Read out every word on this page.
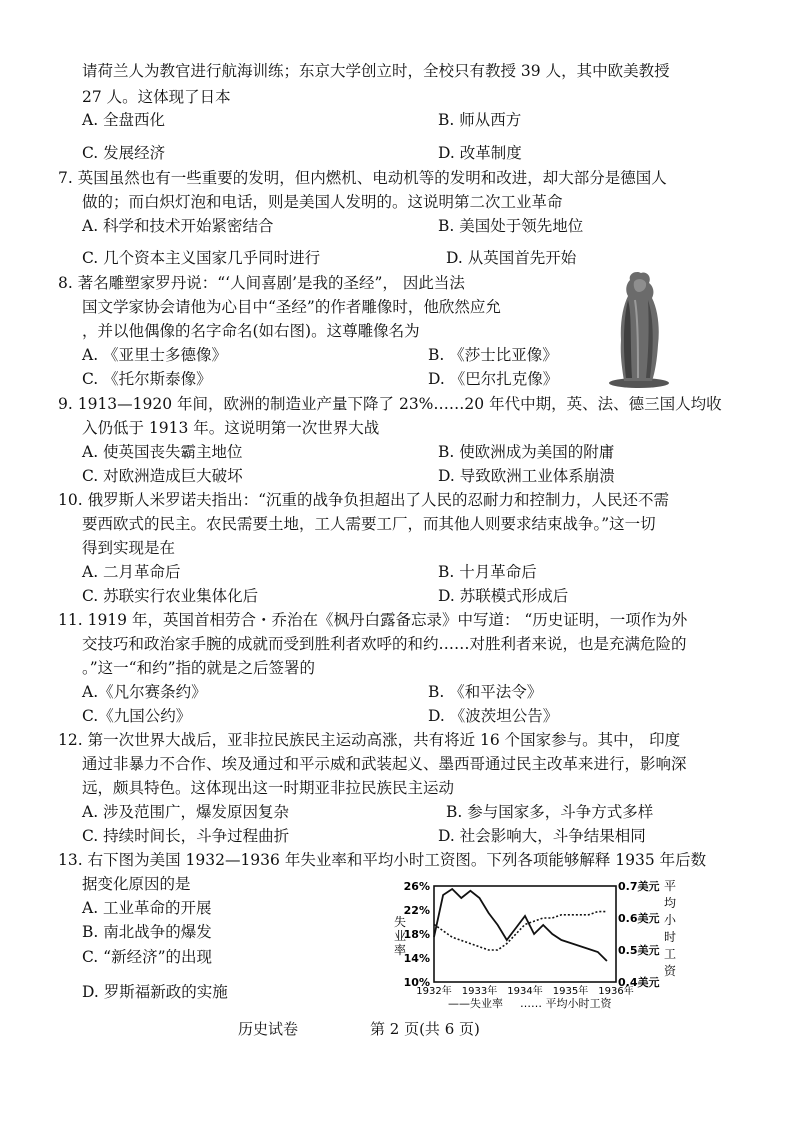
请荷兰人为教官进行航海训练；东京大学创立时，全校只有教授 39 人，其中欧美教授
27 人。这体现了日本
A. 全盘西化	B. 师从西方
C. 发展经济	D. 改革制度
7. 英国虽然也有一些重要的发明，但内燃机、电动机等的发明和改进，却大部分是德国人
做的；而白炽灯泡和电话，则是美国人发明的。这说明第二次工业革命
A. 科学和技术开始紧密结合	B. 美国处于领先地位
C. 几个资本主义国家几乎同时进行	D. 从英国首先开始
8. 著名雕塑家罗丹说：“‘人间喜剧’是我的圣经”， 因此当法
国文学家协会请他为心目中“圣经”的作者雕像时，他欣然应允
，并以他偶像的名字命名(如右图)。这尊雕像名为
A. 《亚里士多德像》	B. 《莎士比亚像》
C. 《托尔斯泰像》	D. 《巴尔扎克像》
9. 1913—1920 年间，欧洲的制造业产量下降了 23%……20 年代中期，英、法、德三国人均收
入仍低于 1913 年。这说明第一次世界大战
A. 使英国丧失霸主地位	B. 使欧洲成为美国的附庸
C. 对欧洲造成巨大破坏	D. 导致欧洲工业体系崩溃
10. 俄罗斯人米罗诺夫指出：“沉重的战争负担超出了人民的忍耐力和控制力，人民还不需
要西欧式的民主。农民需要土地，工人需要工厂，而其他人则要求结束战争。”这一切
得到实现是在
A. 二月革命后	B. 十月革命后
C. 苏联实行农业集体化后	D. 苏联模式形成后
11. 1919 年，英国首相劳合・乔治在《枫丹白露备忘录》中写道： “历史证明，一项作为外
交技巧和政治家手腕的成就而受到胜利者欢呼的和约……对胜利者来说，也是充满危险的
。”这一“和约”指的就是之后签署的
A.《凡尔赛条约》	B. 《和平法令》
C.《九国公约》	D. 《波茨坦公告》
12. 第一次世界大战后，亚非拉民族民主运动高涨，共有将近 16 个国家参与。其中， 印度
通过非暴力不合作、埃及通过和平示威和武装起义、墨西哥通过民主改革来进行，影响深
远，颇具特色。这体现出这一时期亚非拉民族民主运动
A. 涉及范围广，爆发原因复杂	B. 参与国家多，斗争方式多样
C. 持续时间长，斗争过程曲折	D. 社会影响大，斗争结果相同
13. 右下图为美国 1932—1936 年失业率和平均小时工资图。下列各项能够解释 1935 年后数
据变化原因的是
A. 工业革命的开展
B. 南北战争的爆发
C. “新经济”的出现
D. 罗斯福新政的实施
26%
22%
18%
14%
10%
0.7美元
0.6美元
0.5美元
0.4美元
1932年 1933年 1934年 1935年 1936年
平
均
小
时
工
资
失
业
率
——失业率 …… 平均小时工资
历史试卷	第 2 页(共 6 页)
